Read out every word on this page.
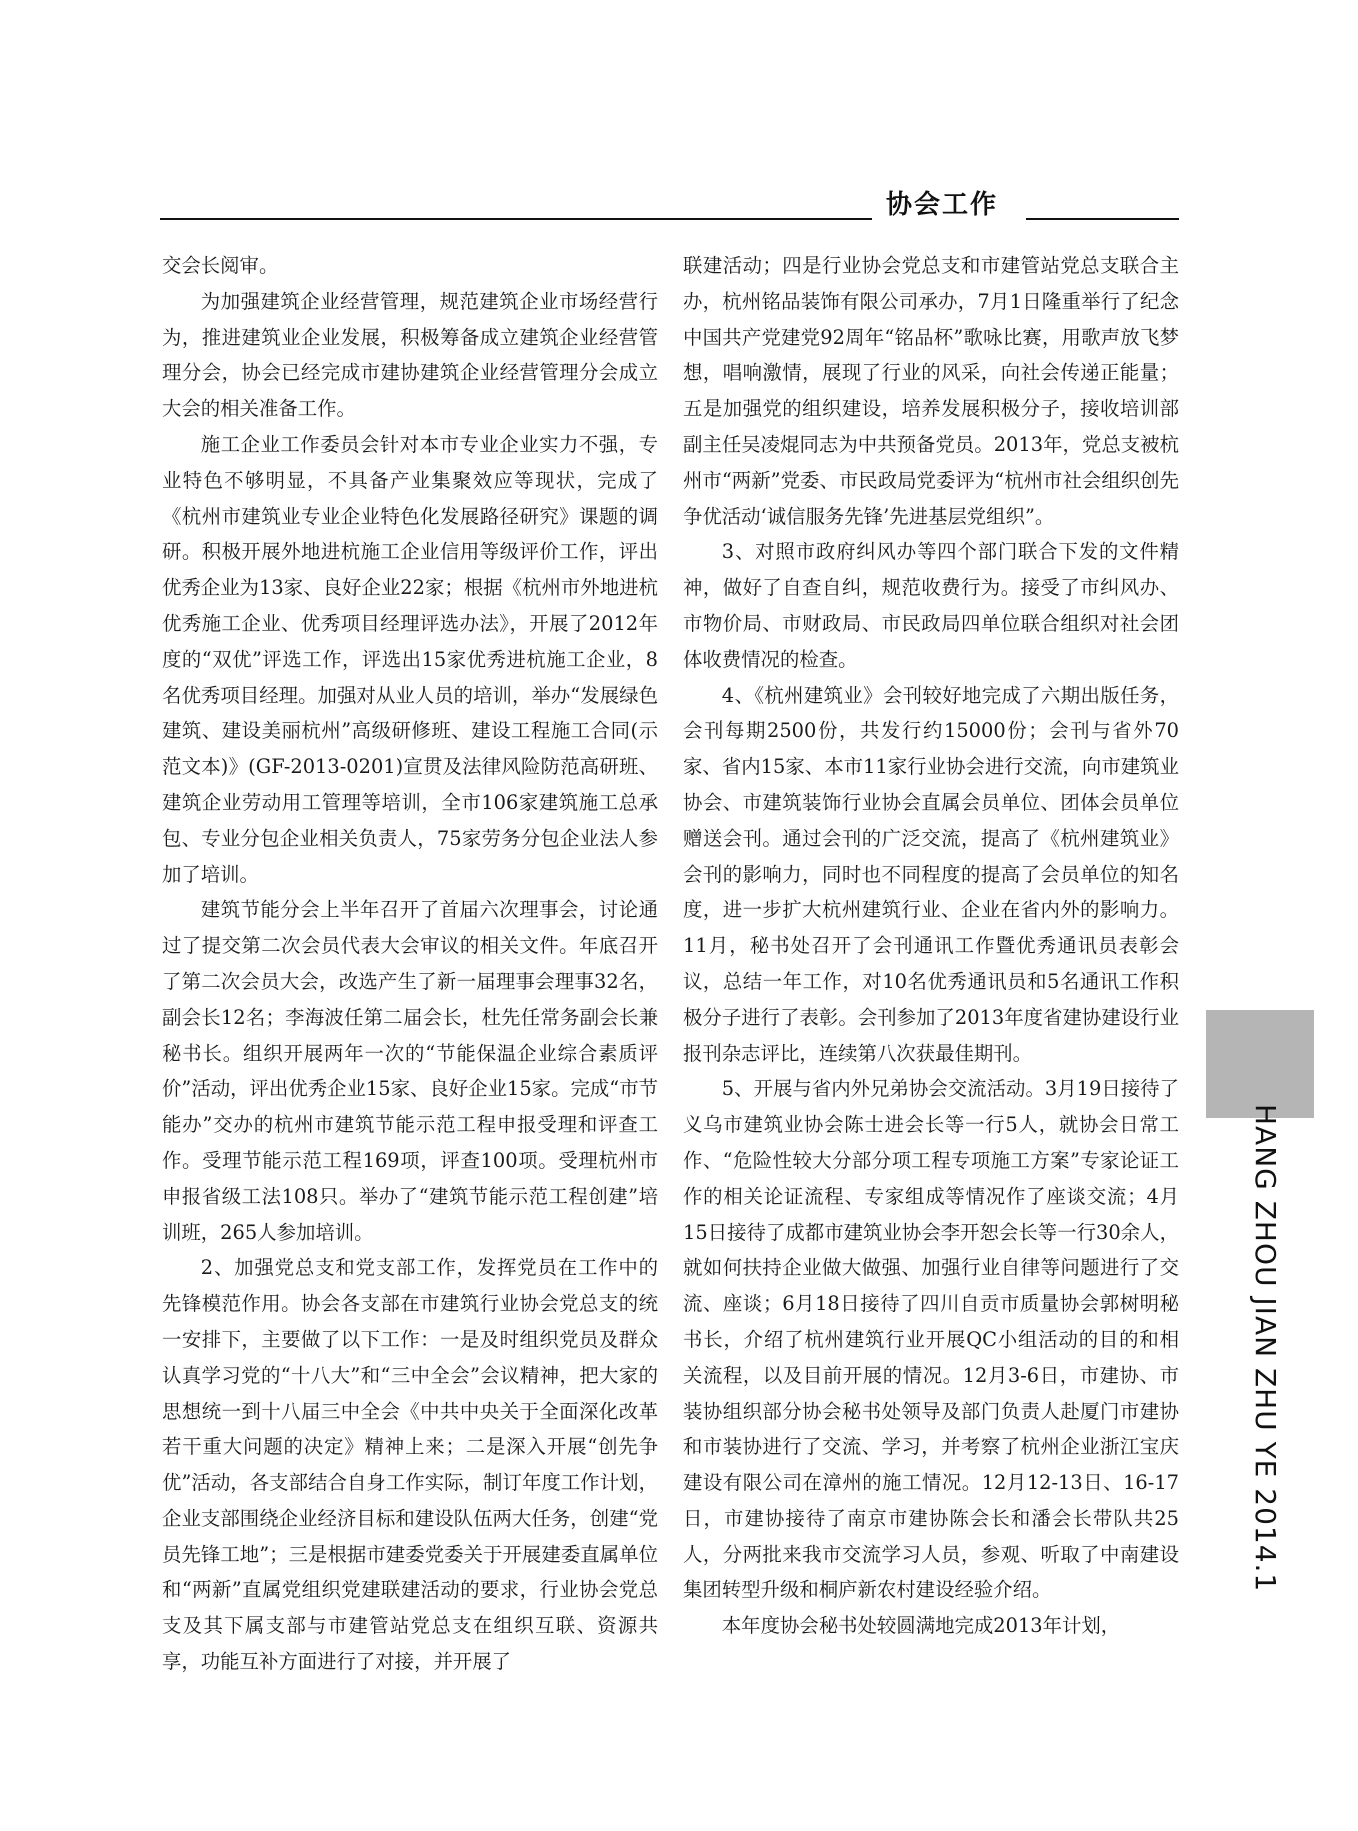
协会工作

交会长阅审。

为加强建筑企业经营管理，规范建筑企业市场经营行为，推进建筑业企业发展，积极筹备成立建筑企业经营管理分会，协会已经完成市建协建筑企业经营管理分会成立大会的相关准备工作。

施工企业工作委员会针对本市专业企业实力不强，专业特色不够明显，不具备产业集聚效应等现状，完成了《杭州市建筑业专业企业特色化发展路径研究》课题的调研。积极开展外地进杭施工企业信用等级评价工作，评出优秀企业为13家、良好企业22家；根据《杭州市外地进杭优秀施工企业、优秀项目经理评选办法》，开展了2012年度的“双优”评选工作，评选出15家优秀进杭施工企业，8名优秀项目经理。加强对从业人员的培训，举办“发展绿色建筑、建设美丽杭州”高级研修班、建设工程施工合同(示范文本)》(GF-2013-0201)宣贯及法律风险防范高研班、建筑企业劳动用工管理等培训，全市106家建筑施工总承包、专业分包企业相关负责人，75家劳务分包企业法人参加了培训。

建筑节能分会上半年召开了首届六次理事会，讨论通过了提交第二次会员代表大会审议的相关文件。年底召开了第二次会员大会，改选产生了新一届理事会理事32名，副会长12名；李海波任第二届会长，杜先任常务副会长兼秘书长。组织开展两年一次的“节能保温企业综合素质评价”活动，评出优秀企业15家、良好企业15家。完成“市节能办”交办的杭州市建筑节能示范工程申报受理和评查工作。受理节能示范工程169项，评查100项。受理杭州市申报省级工法108只。举办了“建筑节能示范工程创建”培训班，265人参加培训。

2、加强党总支和党支部工作，发挥党员在工作中的先锋模范作用。协会各支部在市建筑行业协会党总支的统一安排下，主要做了以下工作：一是及时组织党员及群众认真学习党的“十八大”和“三中全会”会议精神，把大家的思想统一到十八届三中全会《中共中央关于全面深化改革若干重大问题的决定》精神上来；二是深入开展“创先争优”活动，各支部结合自身工作实际，制订年度工作计划，企业支部围绕企业经济目标和建设队伍两大任务，创建“党员先锋工地”；三是根据市建委党委关于开展建委直属单位和“两新”直属党组织党建联建活动的要求，行业协会党总支及其下属支部与市建管站党总支在组织互联、资源共享，功能互补方面进行了对接，并开展了

联建活动；四是行业协会党总支和市建管站党总支联合主办，杭州铭品装饰有限公司承办，7月1日隆重举行了纪念中国共产党建党92周年“铭品杯”歌咏比赛，用歌声放飞梦想，唱响激情，展现了行业的风采，向社会传递正能量；五是加强党的组织建设，培养发展积极分子，接收培训部副主任吴凌焜同志为中共预备党员。2013年，党总支被杭州市“两新”党委、市民政局党委评为“杭州市社会组织创先争优活动‘诚信服务先锋’先进基层党组织”。

3、对照市政府纠风办等四个部门联合下发的文件精神，做好了自查自纠，规范收费行为。接受了市纠风办、市物价局、市财政局、市民政局四单位联合组织对社会团体收费情况的检查。

4、《杭州建筑业》会刊较好地完成了六期出版任务，会刊每期2500份，共发行约15000份；会刊与省外70家、省内15家、本市11家行业协会进行交流，向市建筑业协会、市建筑装饰行业协会直属会员单位、团体会员单位赠送会刊。通过会刊的广泛交流，提高了《杭州建筑业》会刊的影响力，同时也不同程度的提高了会员单位的知名度，进一步扩大杭州建筑行业、企业在省内外的影响力。11月，秘书处召开了会刊通讯工作暨优秀通讯员表彰会议，总结一年工作，对10名优秀通讯员和5名通讯工作积极分子进行了表彰。会刊参加了2013年度省建协建设行业报刊杂志评比，连续第八次获最佳期刊。

5、开展与省内外兄弟协会交流活动。3月19日接待了义乌市建筑业协会陈士进会长等一行5人，就协会日常工作、“危险性较大分部分项工程专项施工方案”专家论证工作的相关论证流程、专家组成等情况作了座谈交流；4月15日接待了成都市建筑业协会李开恕会长等一行30余人，就如何扶持企业做大做强、加强行业自律等问题进行了交流、座谈；6月18日接待了四川自贡市质量协会郭树明秘书长，介绍了杭州建筑行业开展QC小组活动的目的和相关流程，以及目前开展的情况。12月3-6日，市建协、市装协组织部分协会秘书处领导及部门负责人赴厦门市建协和市装协进行了交流、学习，并考察了杭州企业浙江宝庆建设有限公司在漳州的施工情况。12月12-13日、16-17日，市建协接待了南京市建协陈会长和潘会长带队共25人，分两批来我市交流学习人员，参观、听取了中南建设集团转型升级和桐庐新农村建设经验介绍。

本年度协会秘书处较圆满地完成2013年计划，

HANG ZHOU JIAN ZHU YE 2014.1
